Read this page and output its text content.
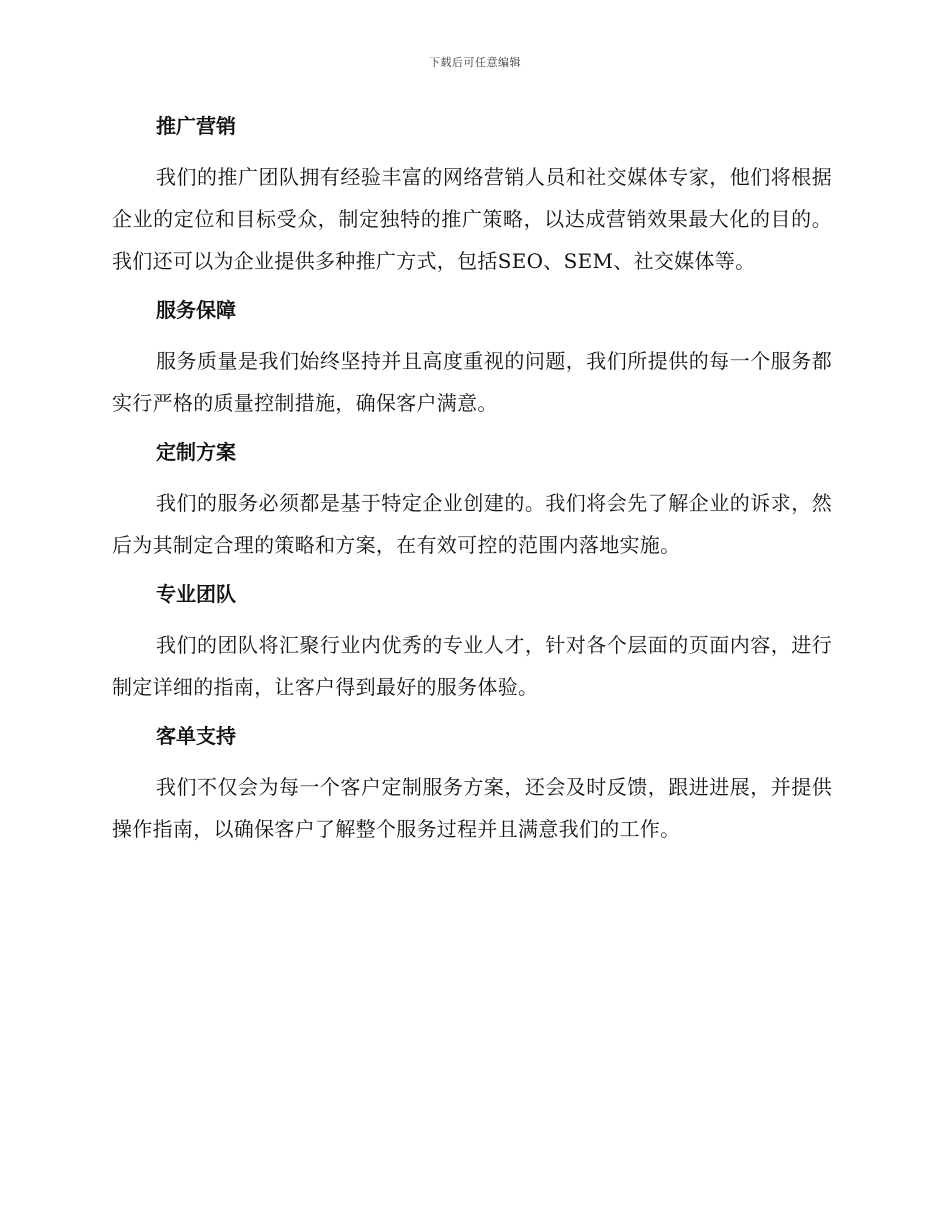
下载后可任意编辑
推广营销

我们的推广团队拥有经验丰富的网络营销人员和社交媒体专家，他们将根据企业的定位和目标受众，制定独特的推广策略，以达成营销效果最大化的目的。我们还可以为企业提供多种推广方式，包括SEO、SEM、社交媒体等。

服务保障

服务质量是我们始终坚持并且高度重视的问题，我们所提供的每一个服务都实行严格的质量控制措施，确保客户满意。

定制方案

我们的服务必须都是基于特定企业创建的。我们将会先了解企业的诉求，然后为其制定合理的策略和方案，在有效可控的范围内落地实施。

专业团队

我们的团队将汇聚行业内优秀的专业人才，针对各个层面的页面内容，进行制定详细的指南，让客户得到最好的服务体验。

客单支持

我们不仅会为每一个客户定制服务方案，还会及时反馈，跟进进展，并提供操作指南，以确保客户了解整个服务过程并且满意我们的工作。
